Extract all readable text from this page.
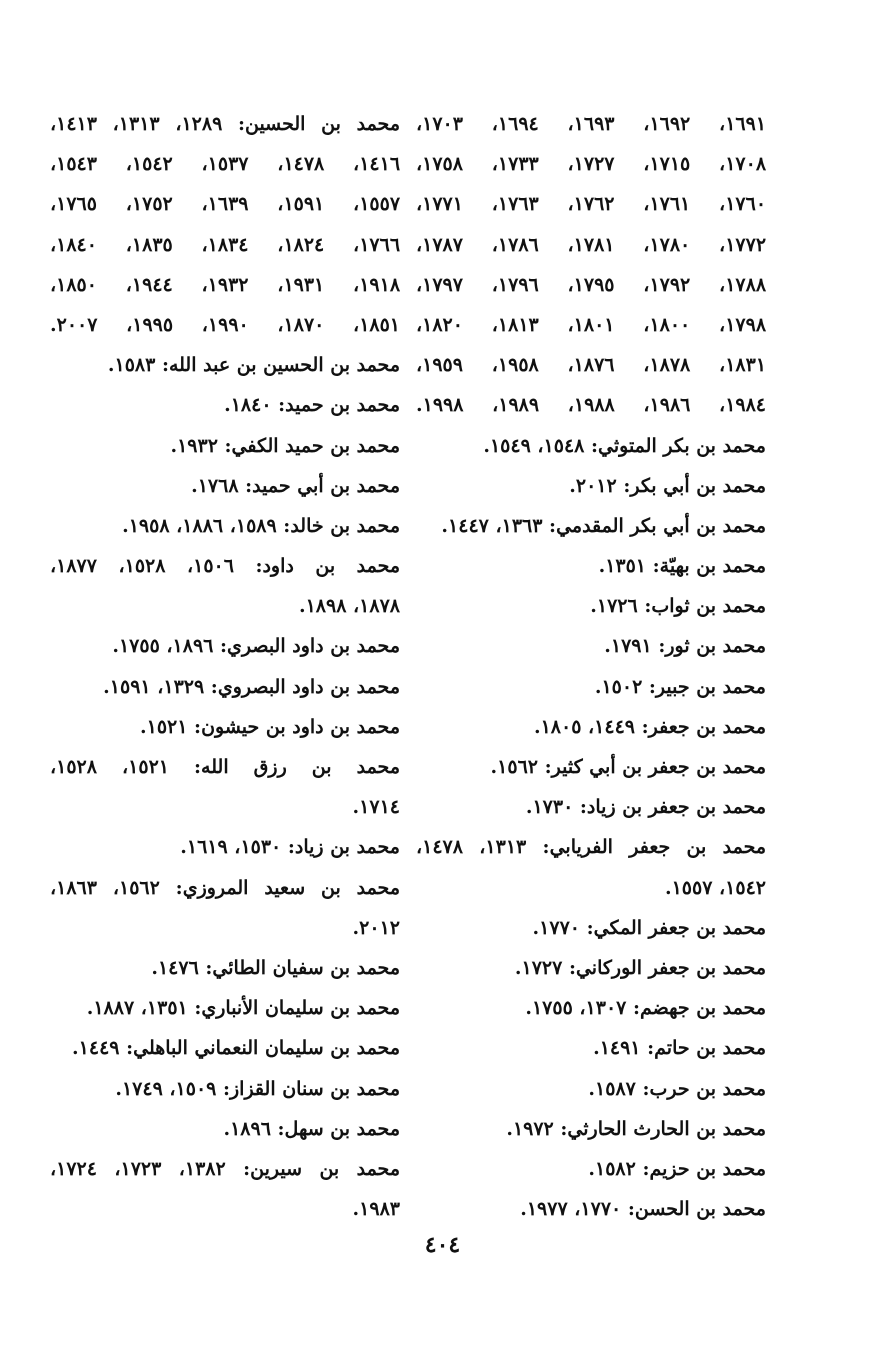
١٦٩١، ١٦٩٢، ١٦٩٣، ١٦٩٤، ١٧٠٣،
١٧٠٨، ١٧١٥، ١٧٢٧، ١٧٣٣، ١٧٥٨،
١٧٦٠، ١٧٦١، ١٧٦٢، ١٧٦٣، ١٧٧١،
١٧٧٢، ١٧٨٠، ١٧٨١، ١٧٨٦، ١٧٨٧،
١٧٨٨، ١٧٩٢، ١٧٩٥، ١٧٩٦، ١٧٩٧،
١٧٩٨، ١٨٠٠، ١٨٠١، ١٨١٣، ١٨٢٠،
١٨٣١، ١٨٧٨، ١٨٧٦، ١٩٥٨، ١٩٥٩،
١٩٨٤، ١٩٨٦، ١٩٨٨، ١٩٨٩، ١٩٩٨.
محمد بن بكر المتوثي: ١٥٤٨، ١٥٤٩.
محمد بن أبي بكر: ٢٠١٢.
محمد بن أبي بكر المقدمي: ١٣٦٣، ١٤٤٧.
محمد بن بهيّة: ١٣٥١.
محمد بن ثواب: ١٧٢٦.
محمد بن ثور: ١٧٩١.
محمد بن جبير: ١٥٠٢.
محمد بن جعفر: ١٤٤٩، ١٨٠٥.
محمد بن جعفر بن أبي كثير: ١٥٦٢.
محمد بن جعفر بن زياد: ١٧٣٠.
محمد بن جعفر الفريابي: ١٣١٣، ١٤٧٨،
١٥٤٢، ١٥٥٧.
محمد بن جعفر المكي: ١٧٧٠.
محمد بن جعفر الوركاني: ١٧٢٧.
محمد بن جهضم: ١٣٠٧، ١٧٥٥.
محمد بن حاتم: ١٤٩١.
محمد بن حرب: ١٥٨٧.
محمد بن الحارث الحارثي: ١٩٧٢.
محمد بن حزيم: ١٥٨٢.
محمد بن الحسن: ١٧٧٠، ١٩٧٧.
محمد بن الحسين: ١٢٨٩، ١٣١٣، ١٤١٣،
١٤١٦، ١٤٧٨، ١٥٣٧، ١٥٤٢، ١٥٤٣،
١٥٥٧، ١٥٩١، ١٦٣٩، ١٧٥٢، ١٧٦٥،
١٧٦٦، ١٨٢٤، ١٨٣٤، ١٨٣٥، ١٨٤٠،
١٩١٨، ١٩٣١، ١٩٣٢، ١٩٤٤، ١٨٥٠،
١٨٥١، ١٨٧٠، ١٩٩٠، ١٩٩٥، ٢٠٠٧.
محمد بن الحسين بن عبد الله: ١٥٨٣.
محمد بن حميد: ١٨٤٠.
محمد بن حميد الكفي: ١٩٣٢.
محمد بن أبي حميد: ١٧٦٨.
محمد بن خالد: ١٥٨٩، ١٨٨٦، ١٩٥٨.
محمد بن داود: ١٥٠٦، ١٥٢٨، ١٨٧٧،
١٨٧٨، ١٨٩٨.
محمد بن داود البصري: ١٨٩٦، ١٧٥٥.
محمد بن داود البصروي: ١٣٢٩، ١٥٩١.
محمد بن داود بن حيشون: ١٥٢١.
محمد بن رزق الله: ١٥٢١، ١٥٢٨،
١٧١٤.
محمد بن زياد: ١٥٣٠، ١٦١٩.
محمد بن سعيد المروزي: ١٥٦٢، ١٨٦٣،
٢٠١٢.
محمد بن سفيان الطائي: ١٤٧٦.
محمد بن سليمان الأنباري: ١٣٥١، ١٨٨٧.
محمد بن سليمان النعماني الباهلي: ١٤٤٩.
محمد بن سنان القزاز: ١٥٠٩، ١٧٤٩.
محمد بن سهل: ١٨٩٦.
محمد بن سيرين: ١٣٨٢، ١٧٢٣، ١٧٢٤،
١٩٨٣.
٤٠٤
